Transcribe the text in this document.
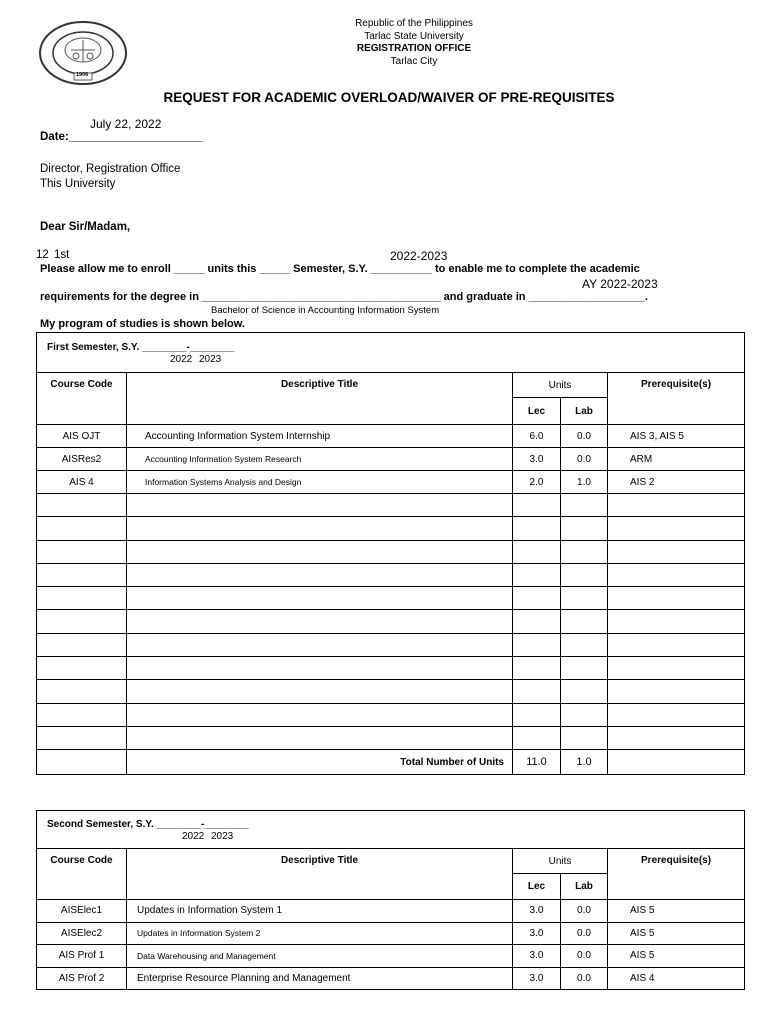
1906
Republic of the Philippines
Tarlac State University
REGISTRATION OFFICE
Tarlac City
REQUEST FOR ACADEMIC OVERLOAD/WAIVER OF PRE-REQUISITES
July 22, 2022
Date:_____________________
Director, Registration Office
This University
Dear Sir/Madam,
12 1st	2022-2023
Please allow me to enroll _____ units this _____ Semester, S.Y. __________ to enable me to complete the academic
AY 2022-2023
requirements for the degree in _______________________________________ and graduate in ___________________.
Bachelor of Science in Accounting Information System
My program of studies is shown below.
First Semester, S.Y. ________-________
2022 2023				

Course Code	Descriptive Title	Units		Prerequisite(s)
		Lec	Lab	
AIS OJT	Accounting Information System Internship	6.0	0.0	AIS 3, AIS 5
AISRes2	Accounting Information System Research	3.0	0.0	ARM
AIS 4	Information Systems Analysis and Design	2.0	1.0	AIS 2

	Total Number of Units	11.0	1.0	
Second Semester, S.Y. ________-________
2022 2023				

Course Code	Descriptive Title	Units		Prerequisite(s)
		Lec	Lab	
AISElec1	Updates in Information System 1	3.0	0.0	AIS 5
AISElec2	Updates in Information System 2	3.0	0.0	AIS 5
AIS Prof 1	Data Warehousing and Management	3.0	0.0	AIS 5
AIS Prof 2	Enterprise Resource Planning and Management	3.0	0.0	AIS 4
